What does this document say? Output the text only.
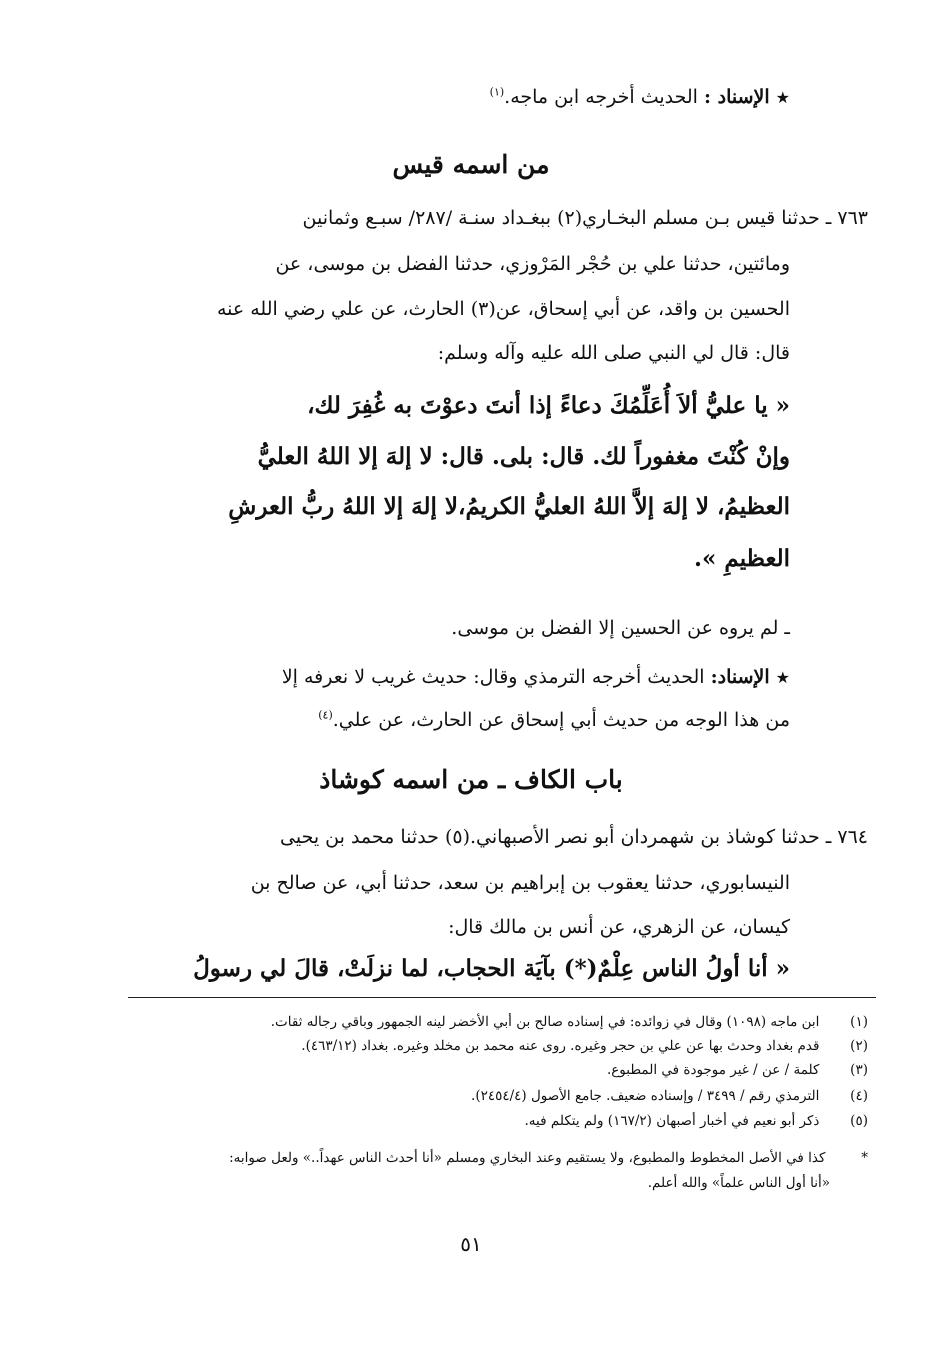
★الإسناد : الحديث أخرجه ابن ماجه.$^{(١)}$
من اسمه قيس
٧٦٣ ـ حدثنا قيس بـن مسلم البخـاري(٢) ببغـداد سنـة /٢٨٧/ سبـع وثمانين
ومائتين، حدثنا علي بن حُجْر المَرْوزي، حدثنا الفضل بن موسى، عن
الحسين بن واقد، عن أبي إسحاق، عن(٣) الحارث، عن علي رضي الله عنه
قال: قال لي النبي صلى الله عليه وآله وسلم:
« يا عليُّ ألاَ أُعَلِّمُكَ دعاءً إذا أنتَ دعوْتَ به غُفِرَ لك،
وإنْ كُنْتَ مغفوراً لك. قال: بلى. قال: لا إلهَ إلا اللهُ العليُّ
العظيمُ، لا إلهَ إلاَّ اللهُ العليُّ الكريمُ،لا إلهَ إلا اللهُ ربُّ العرشِ
العظيمِ ».
ـ لم يروه عن الحسين إلا الفضل بن موسى.
★الإسناد: الحديث أخرجه الترمذي وقال: حديث غريب لا نعرفه إلا
من هذا الوجه من حديث أبي إسحاق عن الحارث، عن علي.$^{(٤)}$
باب الكاف ـ من اسمه كوشاذ
٧٦٤ ـ حدثنا كوشاذ بن شهمردان أبو نصر الأصبهاني.(٥) حدثنا محمد بن يحيى
النيسابوري، حدثنا يعقوب بن إبراهيم بن سعد، حدثنا أبي، عن صالح بن
كيسان، عن الزهري، عن أنس بن مالك قال:
« أنا أولُ الناس عِلْمٌ(*) بآيَة الحجاب، لما نزلَتْ، قالَ لي رسولُ
(١)  ابن ماجه (١٠٩٨) وقال في زوائده: في إسناده صالح بن أبي الأخضر لينه الجمهور وباقي رجاله ثقات.
(٢)  قدم بغداد وحدث بها عن علي بن حجر وغيره. روى عنه محمد بن مخلد وغيره. بغداد (٤٦٣/١٢).
(٣)  كلمة / عن / غير موجودة في المطبوع.
(٤)  الترمذي رقم / ٣٤٩٩ / وإسناده ضعيف. جامع الأصول (٢٤٥٤/٤).
(٥)  ذكر أبو نعيم في أخبار أصبهان (١٦٧/٢) ولم يتكلم فيه.
*  كذا في الأصل المخطوط والمطبوع، ولا يستقيم وعند البخاري ومسلم «أنا أحدث الناس عهداً..» ولعل صوابه:
«أنا أول الناس علماً» والله أعلم.
٥١
